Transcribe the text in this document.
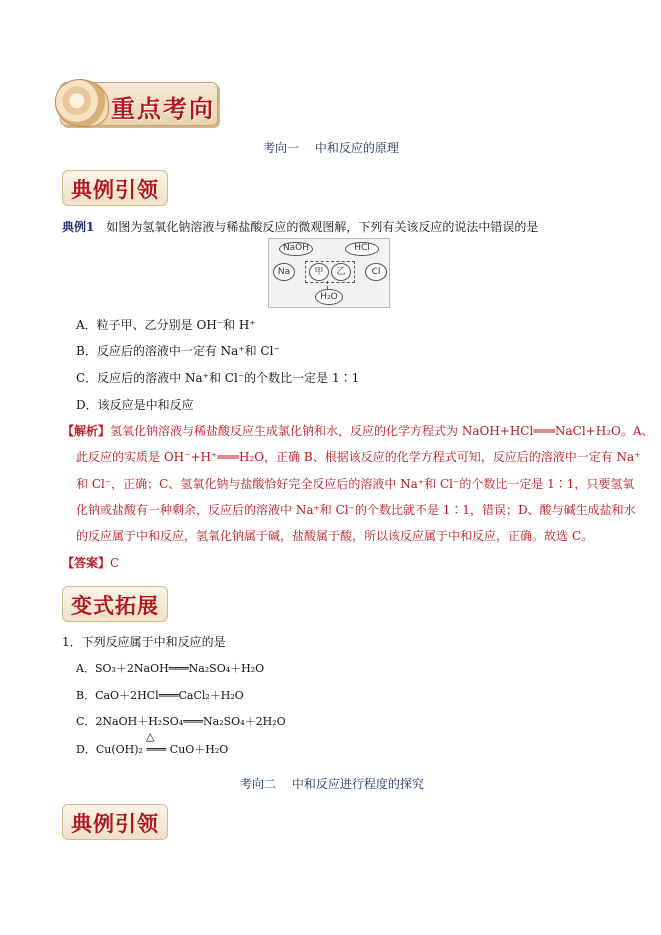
重点考向
考向一　 中和反应的原理
典例引领
典例1　如图为氢氧化钠溶液与稀盐酸反应的微观图解，下列有关该反应的说法中错误的是
NaOH	HCl
Na	甲	乙	Cl
H₂O
A．粒子甲、乙分别是 OH⁻和 H⁺
B．反应后的溶液中一定有 Na⁺和 Cl⁻
C．反应后的溶液中 Na⁺和 Cl⁻的个数比一定是 1∶1
D．该反应是中和反应
【解析】氢氧化钠溶液与稀盐酸反应生成氯化钠和水，反应的化学方程式为 NaOH+HCl═══NaCl+H₂O。A、
此反应的实质是 OH⁻+H⁺═══H₂O，正确 B、根据该反应的化学方程式可知，反应后的溶液中一定有 Na⁺
和 Cl⁻，正确；C、氢氧化钠与盐酸恰好完全反应后的溶液中 Na⁺和 Cl⁻的个数比一定是 1∶1，只要氢氧
化钠或盐酸有一种剩余，反应后的溶液中 Na⁺和 Cl⁻的个数比就不是 1∶1，错误；D、酸与碱生成盐和水
的反应属于中和反应，氢氧化钠属于碱，盐酸属于酸，所以该反应属于中和反应，正确。故选 C。
【答案】C
变式拓展
1．下列反应属于中和反应的是
A．SO₃＋2NaOH═══Na₂SO₄＋H₂O
B．CaO＋2HCl═══CaCl₂＋H₂O
C．2NaOH＋H₂SO₄═══Na₂SO₄＋2H₂O
△
D．Cu(OH)₂ ═══ CuO＋H₂O
考向二　 中和反应进行程度的探究
典例引领
